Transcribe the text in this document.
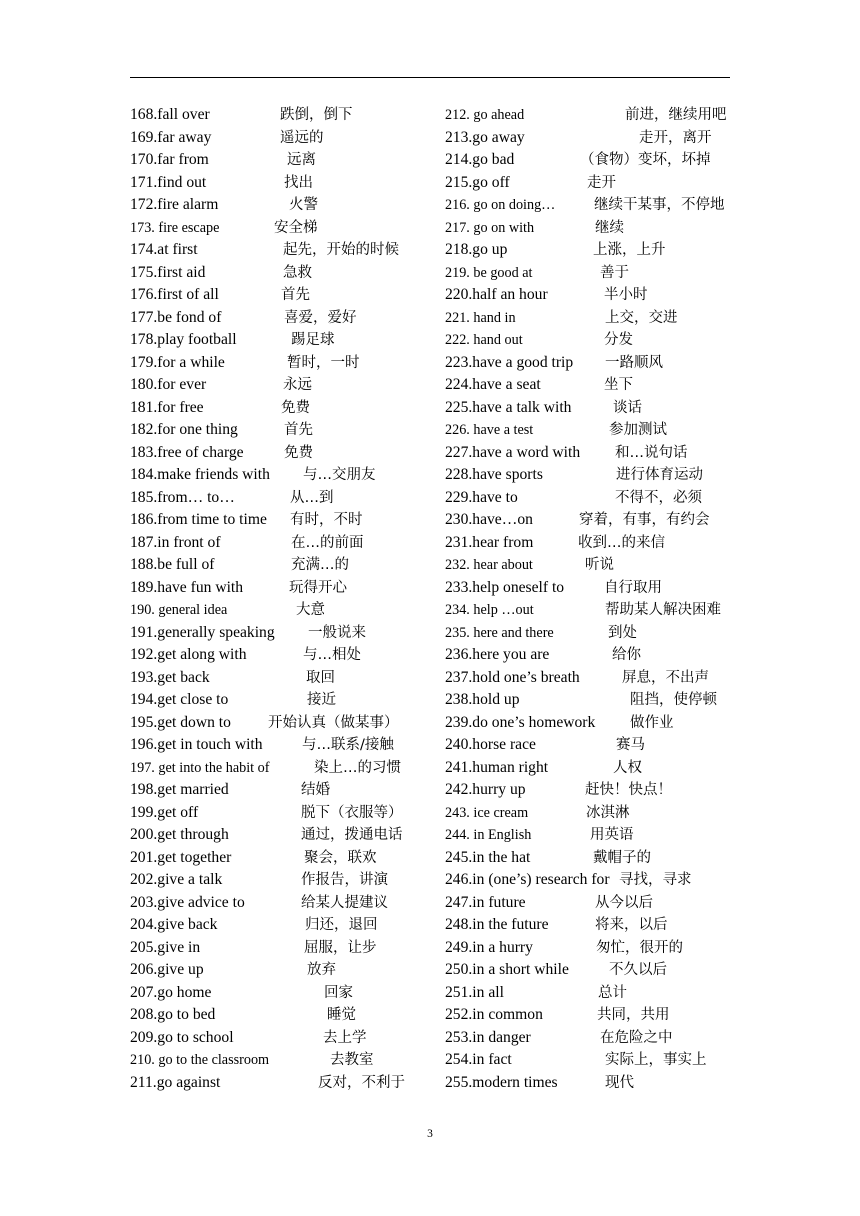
168.fall over	跌倒，倒下
169.far away	遥远的
170.far from	远离
171.find out	找出
172.fire alarm	火警
173. fire escape	安全梯
174.at first	起先，开始的时候
175.first aid	急救
176.first of all	首先
177.be fond of	喜爱，爱好
178.play football	踢足球
179.for a while	暂时，一时
180.for ever	永远
181.for free	免费
182.for one thing	首先
183.free of charge	免费
184.make friends with 与…交朋友
185.from… to…	从…到
186.from time to time 有时，不时
187.in front of	在…的前面
188.be full of	充满…的
189.have fun with	玩得开心
190. general idea	大意
191.generally speaking 一般说来
192.get along with	与…相处
193.get back	取回
194.get close to	接近
195.get down to	开始认真（做某事）
196.get in touch with	与…联系/接触
197. get into the habit of	染上…的习惯
198.get married	结婚
199.get off	脱下（衣服等）
200.get through	通过，拨通电话
201.get together	聚会，联欢
202.give a talk	作报告，讲演
203.give advice to	给某人提建议
204.give back	归还，退回
205.give in	屈服，让步
206.give up	放弃
207.go home	回家
208.go to bed	睡觉
209.go to school	去上学
210. go to the classroom	去教室
211.go against	反对，不利于
212. go ahead	前进，继续用吧
213.go away	走开，离开
214.go bad	（食物）变坏，坏掉
215.go off	走开
216. go on doing…	继续干某事，不停地
217. go on with	继续
218.go up	上涨，上升
219. be good at	善于
220.half an hour	半小时
221. hand in	上交，交进
222. hand out	分发
223.have a good trip 一路顺风
224.have a seat	坐下
225.have a talk with	谈话
226. have a test	参加测试
227.have a word with 和…说句话
228.have sports	进行体育运动
229.have to	不得不，必须
230.have…on	穿着，有事，有约会
231.hear from	收到…的来信
232. hear about	听说
233.help oneself to	自行取用
234. help …out	帮助某人解决困难
235. here and there	到处
236.here you are	给你
237.hold one’s breath	屏息，不出声
238.hold up	阻挡，使停顿
239.do one’s homework 做作业
240.horse race	赛马
241.human right	人权
242.hurry up	赶快！快点！
243. ice cream	冰淇淋
244. in English	用英语
245.in the hat	戴帽子的
246.in (one’s) research for 寻找，寻求
247.in future	从今以后
248.in the future	将来，以后
249.in a hurry	匆忙，很开的
250.in a short while	不久以后
251.in all	总计
252.in common	共同，共用
253.in danger	在危险之中
254.in fact	实际上，事实上
255.modern times	现代
3
